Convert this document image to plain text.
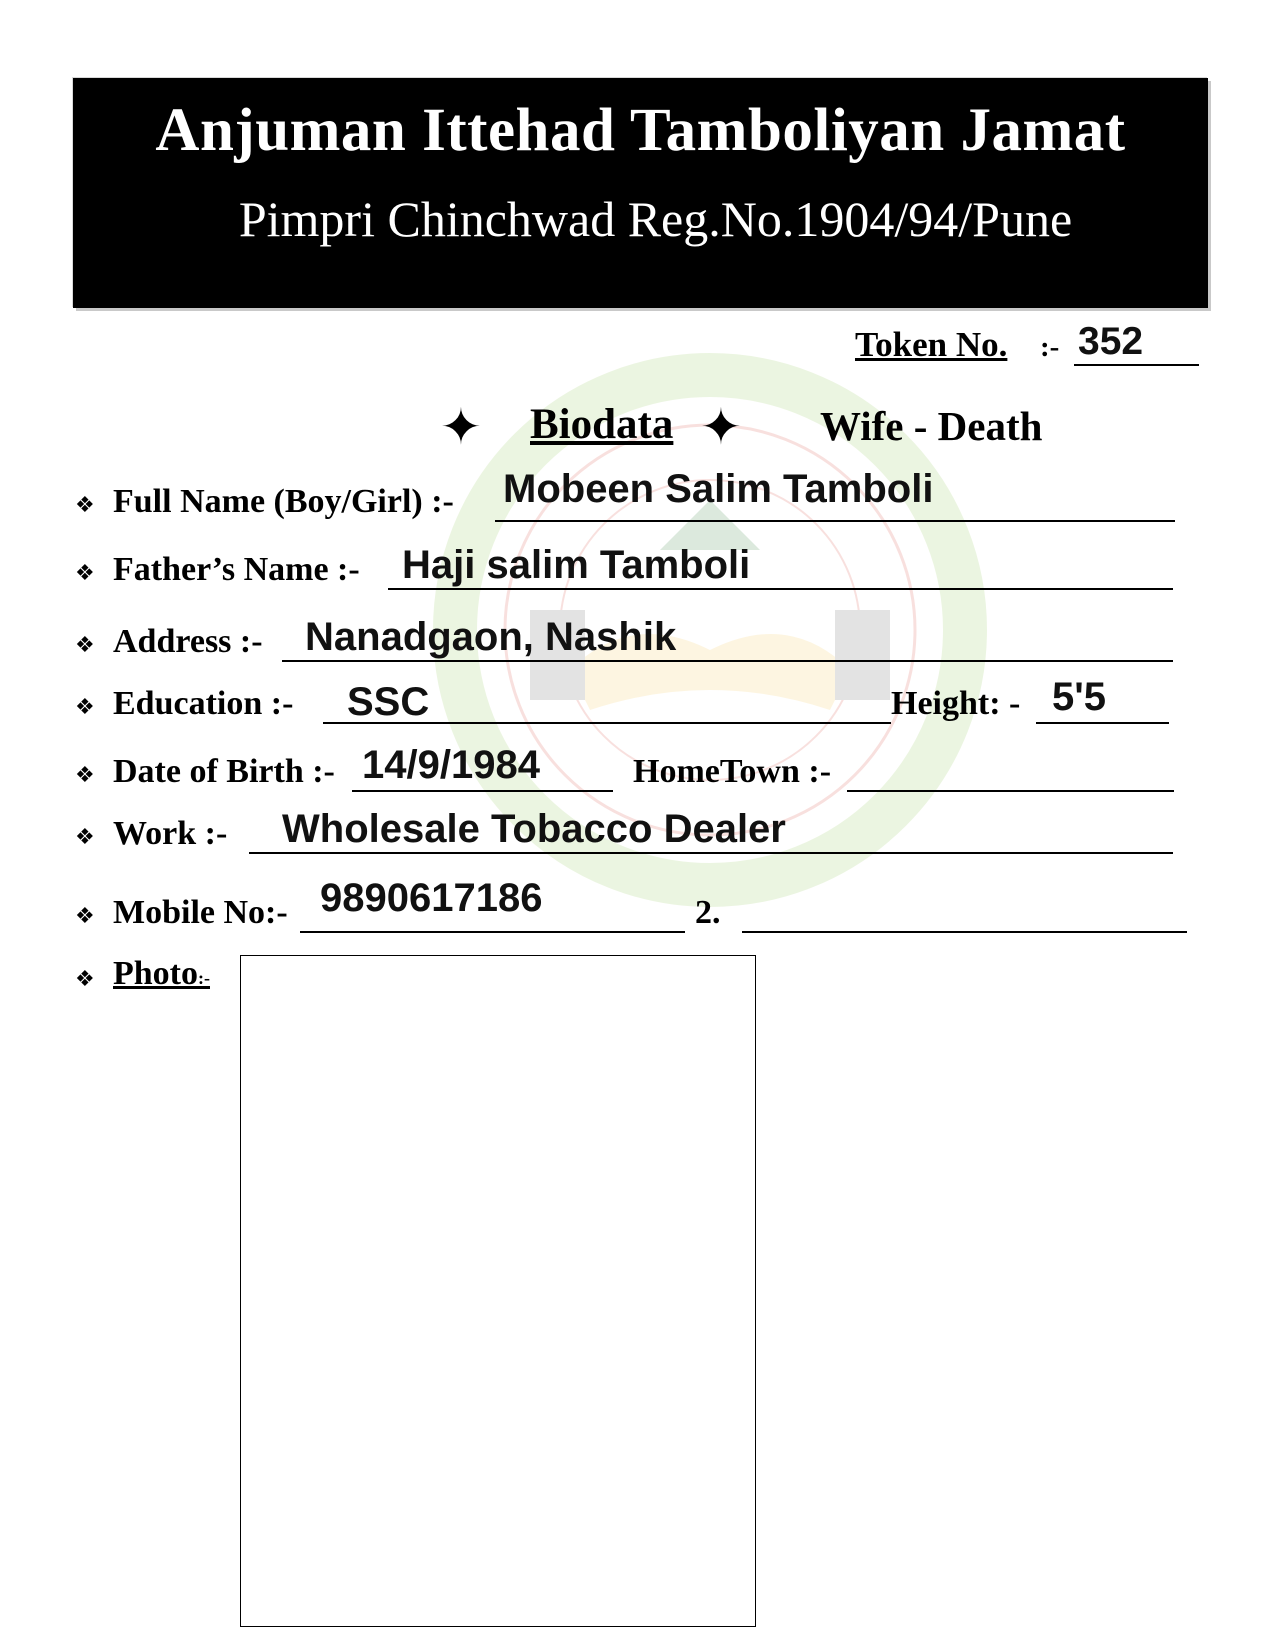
Anjuman Ittehad Tamboliyan Jamat
Pimpri Chinchwad Reg.No.1904/94/Pune
Token No. :- 352
✦ Biodata ✦ Wife - Death
❖ Full Name (Boy/Girl) :- Mobeen Salim Tamboli
❖ Father’s Name :- Haji salim Tamboli
❖ Address :- Nanadgaon, Nashik
❖ Education :- SSC	Height: - 5'5
❖ Date of Birth :- 14/9/1984	HomeTown :-
❖ Work :- Wholesale Tobacco Dealer
❖ Mobile No:- 9890617186	2.
❖ Photo:-
